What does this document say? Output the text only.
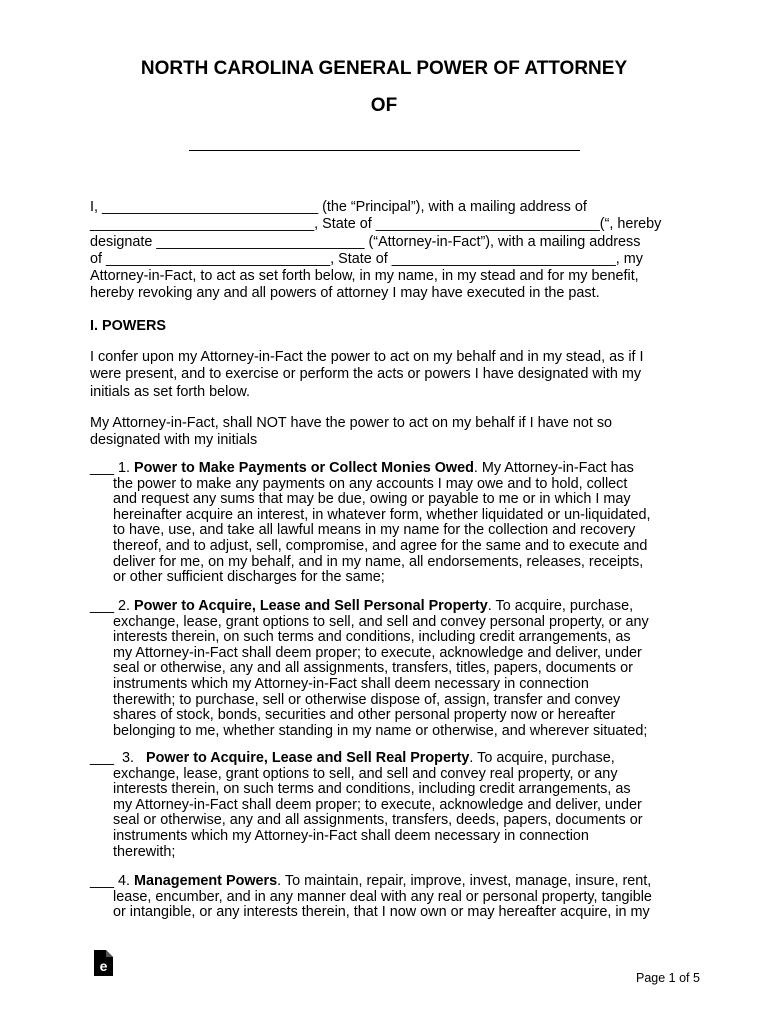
NORTH CAROLINA GENERAL POWER OF ATTORNEY
OF
I, ___________________________ (the “Principal”), with a mailing address of
____________________________, State of ____________________________(“, hereby
designate __________________________ (“Attorney-in-Fact”), with a mailing address
of ____________________________, State of ____________________________, my
Attorney-in-Fact, to act as set forth below, in my name, in my stead and for my benefit,
hereby revoking any and all powers of attorney I may have executed in the past.
I. POWERS
I confer upon my Attorney-in-Fact the power to act on my behalf and in my stead, as if I
were present, and to exercise or perform the acts or powers I have designated with my
initials as set forth below.
My Attorney-in-Fact, shall NOT have the power to act on my behalf if I have not so
designated with my initials
___ 1. Power to Make Payments or Collect Monies Owed. My Attorney-in-Fact has
the power to make any payments on any accounts I may owe and to hold, collect
and request any sums that may be due, owing or payable to me or in which I may
hereinafter acquire an interest, in whatever form, whether liquidated or un-liquidated,
to have, use, and take all lawful means in my name for the collection and recovery
thereof, and to adjust, sell, compromise, and agree for the same and to execute and
deliver for me, on my behalf, and in my name, all endorsements, releases, receipts,
or other sufficient discharges for the same;
___ 2. Power to Acquire, Lease and Sell Personal Property. To acquire, purchase,
exchange, lease, grant options to sell, and sell and convey personal property, or any
interests therein, on such terms and conditions, including credit arrangements, as
my Attorney-in-Fact shall deem proper; to execute, acknowledge and deliver, under
seal or otherwise, any and all assignments, transfers, titles, papers, documents or
instruments which my Attorney-in-Fact shall deem necessary in connection
therewith; to purchase, sell or otherwise dispose of, assign, transfer and convey
shares of stock, bonds, securities and other personal property now or hereafter
belonging to me, whether standing in my name or otherwise, and wherever situated;
___  3.   Power to Acquire, Lease and Sell Real Property. To acquire, purchase,
exchange, lease, grant options to sell, and sell and convey real property, or any
interests therein, on such terms and conditions, including credit arrangements, as
my Attorney-in-Fact shall deem proper; to execute, acknowledge and deliver, under
seal or otherwise, any and all assignments, transfers, deeds, papers, documents or
instruments which my Attorney-in-Fact shall deem necessary in connection
therewith;
___ 4. Management Powers. To maintain, repair, improve, invest, manage, insure, rent,
lease, encumber, and in any manner deal with any real or personal property, tangible
or intangible, or any interests therein, that I now own or may hereafter acquire, in my
e
Page 1 of 5
